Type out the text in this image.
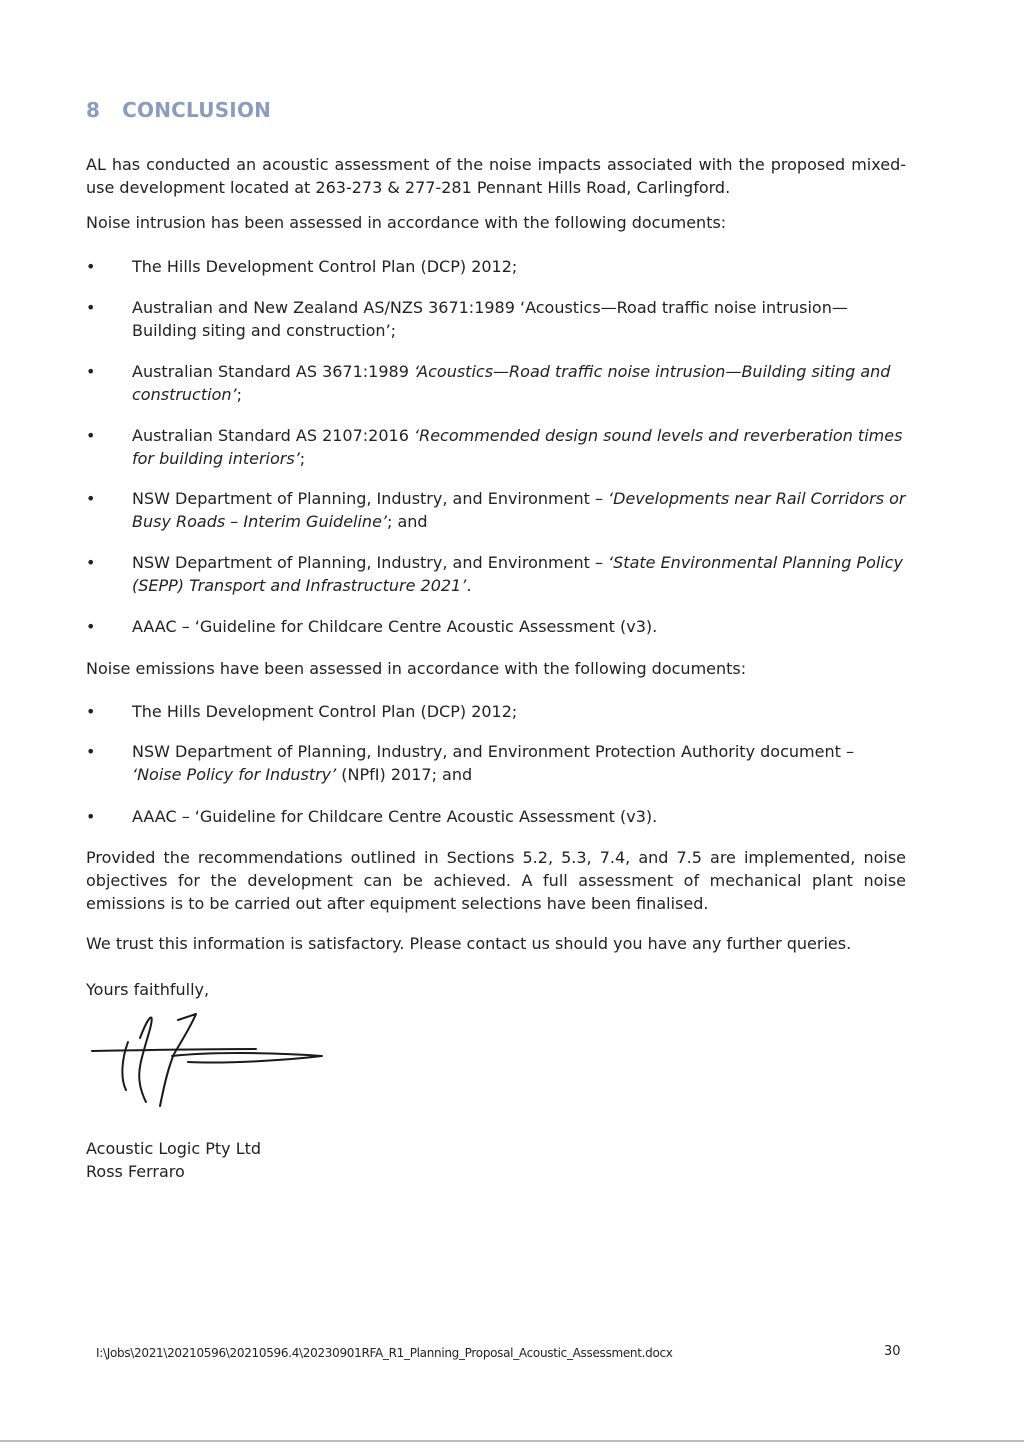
8 CONCLUSION

AL has conducted an acoustic assessment of the noise impacts associated with the proposed mixed-use development located at 263-273 & 277-281 Pennant Hills Road, Carlingford.

Noise intrusion has been assessed in accordance with the following documents:

• The Hills Development Control Plan (DCP) 2012;
• Australian and New Zealand AS/NZS 3671:1989 ‘Acoustics—Road traffic noise intrusion—Building siting and construction’;
• Australian Standard AS 3671:1989 ‘Acoustics—Road traffic noise intrusion—Building siting and construction’;
• Australian Standard AS 2107:2016 ‘Recommended design sound levels and reverberation times for building interiors’;
• NSW Department of Planning, Industry, and Environment – ‘Developments near Rail Corridors or Busy Roads – Interim Guideline’; and
• NSW Department of Planning, Industry, and Environment – ‘State Environmental Planning Policy (SEPP) Transport and Infrastructure 2021’.
• AAAC – ‘Guideline for Childcare Centre Acoustic Assessment (v3).

Noise emissions have been assessed in accordance with the following documents:

• The Hills Development Control Plan (DCP) 2012;
• NSW Department of Planning, Industry, and Environment Protection Authority document – ‘Noise Policy for Industry’ (NPfI) 2017; and
• AAAC – ‘Guideline for Childcare Centre Acoustic Assessment (v3).

Provided the recommendations outlined in Sections 5.2, 5.3, 7.4, and 7.5 are implemented, noise objectives for the development can be achieved. A full assessment of mechanical plant noise emissions is to be carried out after equipment selections have been finalised.

We trust this information is satisfactory. Please contact us should you have any further queries.

Yours faithfully,

Acoustic Logic Pty Ltd

Ross Ferraro

I:\Jobs\2021\20210596\20210596.4\20230901RFA_R1_Planning_Proposal_Acoustic_Assessment.docx	30
